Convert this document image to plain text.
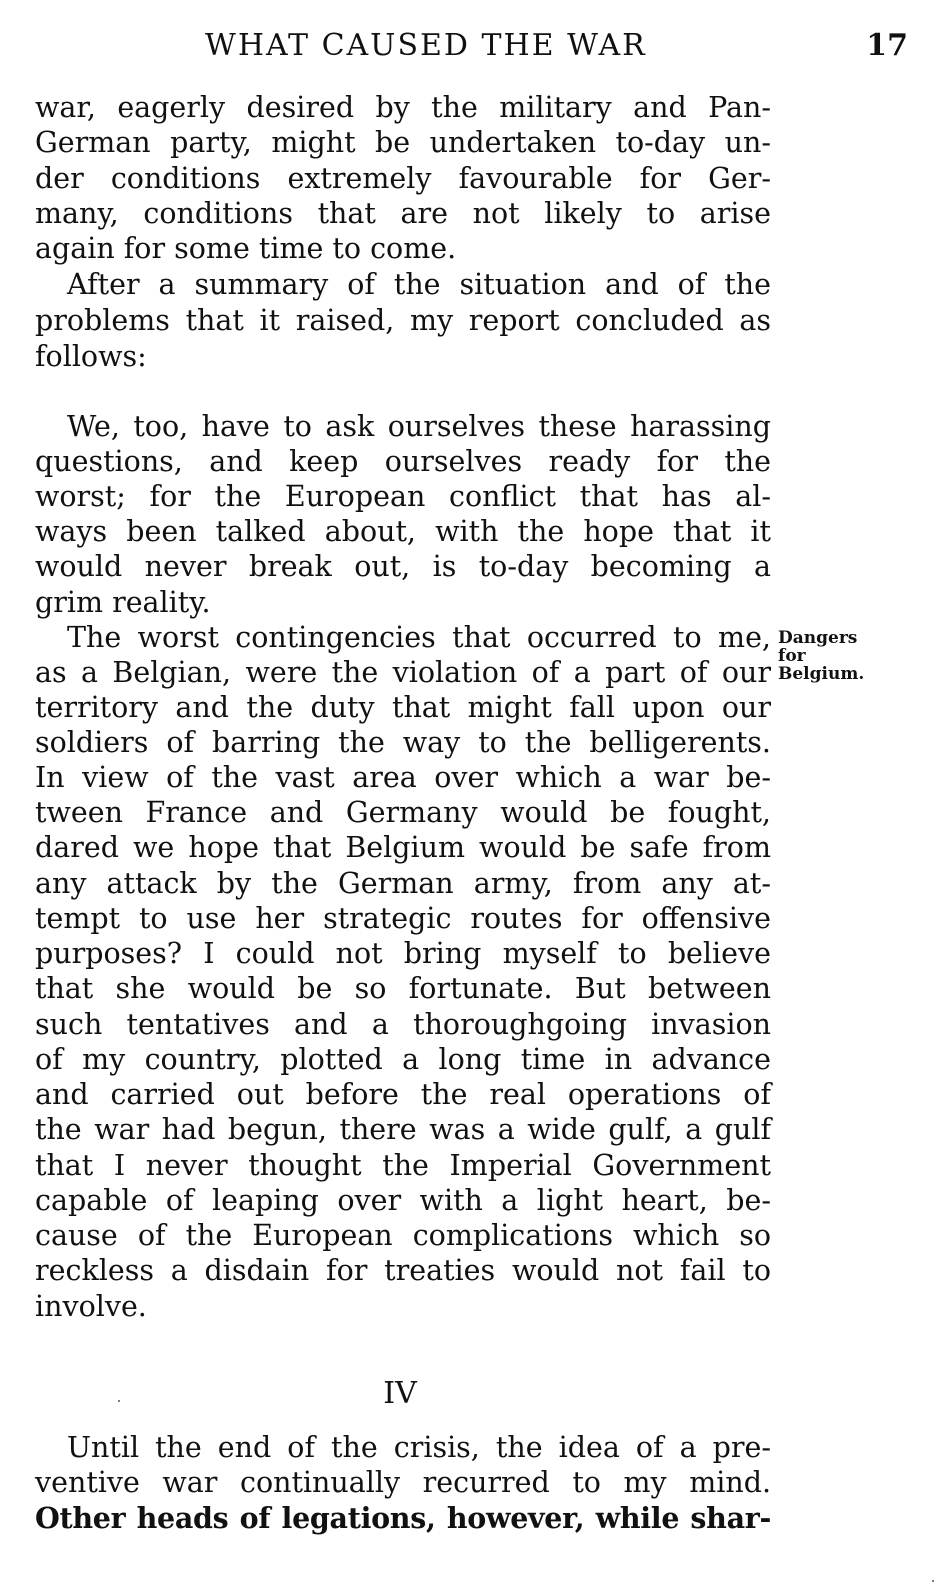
WHAT CAUSED THE WAR	17
war, eagerly desired by the military and Pan-
German party, might be undertaken to-day un-
der conditions extremely favourable for Ger-
many, conditions that are not likely to arise
again for some time to come.
After a summary of the situation and of the
problems that it raised, my report concluded as
follows:
We, too, have to ask ourselves these harassing
questions, and keep ourselves ready for the
worst; for the European conflict that has al-
ways been talked about, with the hope that it
would never break out, is to-day becoming a
grim reality.
The worst contingencies that occurred to me,
as a Belgian, were the violation of a part of our
territory and the duty that might fall upon our
soldiers of barring the way to the belligerents.
In view of the vast area over which a war be-
tween France and Germany would be fought,
dared we hope that Belgium would be safe from
any attack by the German army, from any at-
tempt to use her strategic routes for offensive
purposes? I could not bring myself to believe
that she would be so fortunate. But between
such tentatives and a thoroughgoing invasion
of my country, plotted a long time in advance
and carried out before the real operations of
the war had begun, there was a wide gulf, a gulf
that I never thought the Imperial Government
capable of leaping over with a light heart, be-
cause of the European complications which so
reckless a disdain for treaties would not fail to
involve.
IV
Until the end of the crisis, the idea of a pre-
ventive war continually recurred to my mind.
Other heads of legations, however, while shar-
Dangers
for
Belgium.
